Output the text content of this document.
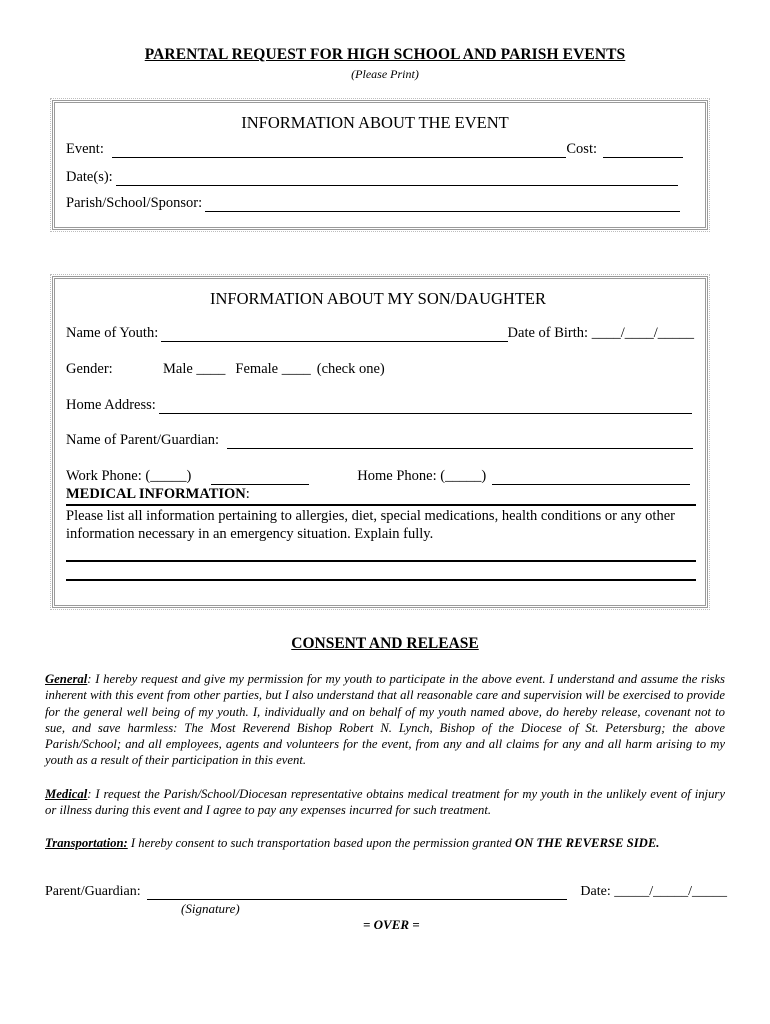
PARENTAL REQUEST FOR HIGH SCHOOL AND PARISH EVENTS
(Please Print)
INFORMATION ABOUT THE EVENT
Event:	Cost:
Date(s):
Parish/School/Sponsor:
INFORMATION ABOUT MY SON/DAUGHTER
Name of Youth:	Date of Birth: ____/____/_____
Gender:	Male ____ Female ____ (check one)
Home Address:
Name of Parent/Guardian:
Work Phone: (_____)	Home Phone: (_____)
MEDICAL INFORMATION:
Please list all information pertaining to allergies, diet, special medications, health conditions or any other information necessary in an emergency situation. Explain fully.
CONSENT AND RELEASE
General: I hereby request and give my permission for my youth to participate in the above event. I understand and assume the risks inherent with this event from other parties, but I also understand that all reasonable care and supervision will be exercised to provide for the general well being of my youth. I, individually and on behalf of my youth named above, do hereby release, covenant not to sue, and save harmless: The Most Reverend Bishop Robert N. Lynch, Bishop of the Diocese of St. Petersburg; the above Parish/School; and all employees, agents and volunteers for the event, from any and all claims for any and all harm arising to my youth as a result of their participation in this event.
Medical: I request the Parish/School/Diocesan representative obtains medical treatment for my youth in the unlikely event of injury or illness during this event and I agree to pay any expenses incurred for such treatment.
Transportation: I hereby consent to such transportation based upon the permission granted ON THE REVERSE SIDE.
Parent/Guardian:	Date: _____/_____/_____
(Signature)
= OVER =
